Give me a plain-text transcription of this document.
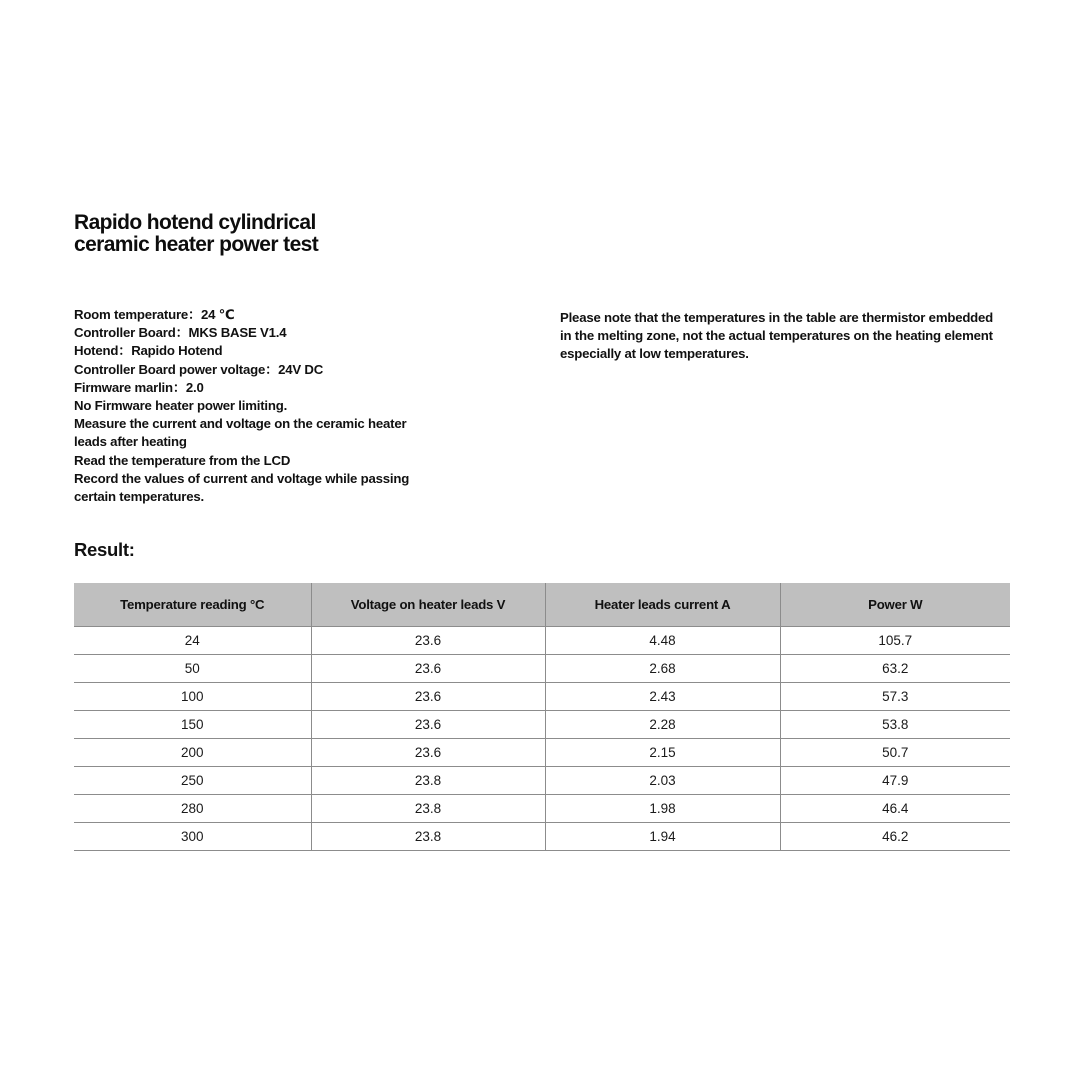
Rapido hotend cylindrical
ceramic heater power test
Room temperature：24 ℃
Controller Board：MKS BASE V1.4
Hotend：Rapido Hotend
Controller Board power voltage：24V DC
Firmware marlin：2.0
No Firmware heater power limiting.
Measure the current and voltage on the ceramic heater
leads after heating
Read the temperature from the LCD
Record the values of current and voltage while passing
certain temperatures.
Please note that the temperatures in the table are thermistor embedded
in the melting zone, not the actual temperatures on the heating element
especially at low temperatures.
Result:
Temperature reading °C	Voltage on heater leads V	Heater leads current A	Power W
24	23.6	4.48	105.7
50	23.6	2.68	63.2
100	23.6	2.43	57.3
150	23.6	2.28	53.8
200	23.6	2.15	50.7
250	23.8	2.03	47.9
280	23.8	1.98	46.4
300	23.8	1.94	46.2
